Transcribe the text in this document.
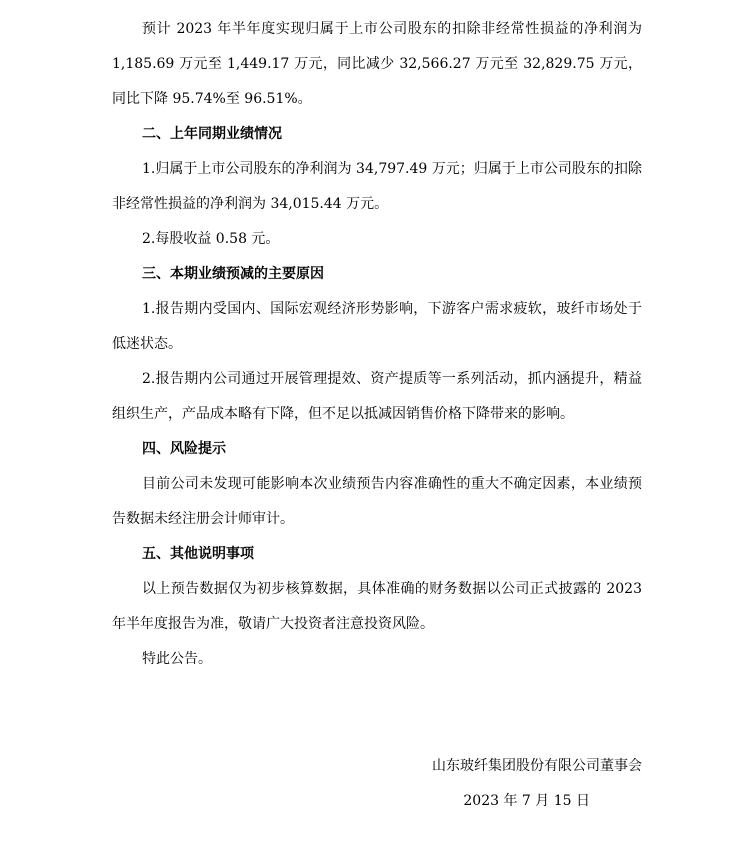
预计 2023 年半年度实现归属于上市公司股东的扣除非经常性损益的净利润为 1,185.69 万元至 1,449.17 万元，同比减少 32,566.27 万元至 32,829.75 万元，同比下降 95.74%至 96.51%。

二、上年同期业绩情况

1.归属于上市公司股东的净利润为 34,797.49 万元；归属于上市公司股东的扣除非经常性损益的净利润为 34,015.44 万元。

2.每股收益 0.58 元。

三、本期业绩预减的主要原因

1.报告期内受国内、国际宏观经济形势影响，下游客户需求疲软，玻纤市场处于低迷状态。

2.报告期内公司通过开展管理提效、资产提质等一系列活动，抓内涵提升，精益组织生产，产品成本略有下降，但不足以抵减因销售价格下降带来的影响。

四、风险提示

目前公司未发现可能影响本次业绩预告内容准确性的重大不确定因素，本业绩预告数据未经注册会计师审计。

五、其他说明事项

以上预告数据仅为初步核算数据，具体准确的财务数据以公司正式披露的 2023 年半年度报告为准，敬请广大投资者注意投资风险。

特此公告。

山东玻纤集团股份有限公司董事会
2023 年 7 月 15 日
